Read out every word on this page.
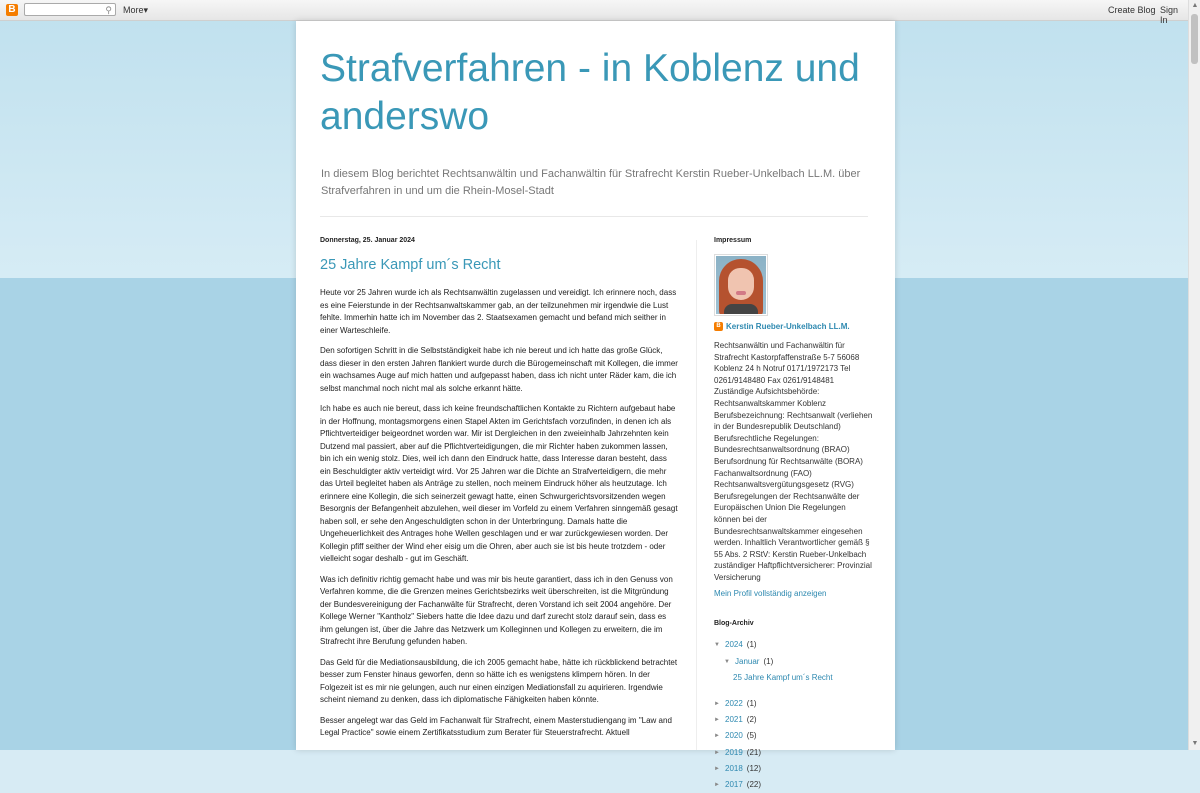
B	⚲ More▾	Create Blog Sign In
▲
▼
Strafverfahren - in Koblenz und anderswo

In diesem Blog berichtet Rechtsanwältin und Fachanwältin für Strafrecht Kerstin Rueber-Unkelbach LL.M. über Strafverfahren in und um die Rhein-Mosel-Stadt

Donnerstag, 25. Januar 2024
25 Jahre Kampf um´s Recht

Heute vor 25 Jahren wurde ich als Rechtsanwältin zugelassen und vereidigt. Ich erinnere noch, dass es eine Feierstunde in der Rechtsanwaltskammer gab, an der teilzunehmen mir irgendwie die Lust fehlte. Immerhin hatte ich im November das 2. Staatsexamen gemacht und befand mich seither in einer Warteschleife.

Den sofortigen Schritt in die Selbstständigkeit habe ich nie bereut und ich hatte das große Glück, dass dieser in den ersten Jahren flankiert wurde durch die Bürogemeinschaft mit Kollegen, die immer ein wachsames Auge auf mich hatten und aufgepasst haben, dass ich nicht unter Räder kam, die ich selbst manchmal noch nicht mal als solche erkannt hätte.

Ich habe es auch nie bereut, dass ich keine freundschaftlichen Kontakte zu Richtern aufgebaut habe in der Hoffnung, montagsmorgens einen Stapel Akten im Gerichtsfach vorzufinden, in denen ich als Pflichtverteidiger beigeordnet worden war. Mir ist Dergleichen in den zweieinhalb Jahrzehnten kein Dutzend mal passiert, aber auf die Pflichtverteidigungen, die mir Richter haben zukommen lassen, bin ich ein wenig stolz. Dies, weil ich dann den Eindruck hatte, dass Interesse daran besteht, dass ein Beschuldigter aktiv verteidigt wird. Vor 25 Jahren war die Dichte an Strafverteidigern, die mehr das Urteil begleitet haben als Anträge zu stellen, noch meinem Eindruck höher als heutzutage. Ich erinnere eine Kollegin, die sich seinerzeit gewagt hatte, einen Schwurgerichtsvorsitzenden wegen Besorgnis der Befangenheit abzulehen, weil dieser im Vorfeld zu einem Verfahren sinngemäß gesagt haben soll, er sehe den Angeschuldigten schon in der Unterbringung. Damals hatte die Ungeheuerlichkeit des Antrages hohe Wellen geschlagen und er war zurückgewiesen worden. Der Kollegin pfiff seither der Wind eher eisig um die Ohren, aber auch sie ist bis heute trotzdem - oder vielleicht sogar deshalb - gut im Geschäft.

Was ich definitiv richtig gemacht habe und was mir bis heute garantiert, dass ich in den Genuss von Verfahren komme, die die Grenzen meines Gerichtsbezirks weit überschreiten, ist die Mitgründung der Bundesvereinigung der Fachanwälte für Strafrecht, deren Vorstand ich seit 2004 angehöre. Der Kollege Werner "Kantholz" Siebers hatte die Idee dazu und darf zurecht stolz darauf sein, dass es ihm gelungen ist, über die Jahre das Netzwerk um Kolleginnen und Kollegen zu erweitern, die im Strafrecht ihre Berufung gefunden haben.

Das Geld für die Mediationsausbildung, die ich 2005 gemacht habe, hätte ich rückblickend betrachtet besser zum Fenster hinaus geworfen, denn so hätte ich es wenigstens klimpern hören. In der Folgezeit ist es mir nie gelungen, auch nur einen einzigen Mediationsfall zu aquirieren. Irgendwie scheint niemand zu denken, dass ich diplomatische Fähigkeiten haben könnte.

Besser angelegt war das Geld im Fachanwalt für Strafrecht, einem Masterstudiengang im "Law and Legal Practice" sowie einem Zertifikatsstudium zum Berater für Steuerstrafrecht. Aktuell

Impressum
B Kerstin Rueber-Unkelbach LL.M.
Rechtsanwältin und Fachanwältin für Strafrecht Kastorpfaffenstraße 5-7 56068 Koblenz 24 h Notruf 0171/1972173 Tel 0261/9148480 Fax 0261/9148481 Zuständige Aufsichtsbehörde: Rechtsanwaltskammer Koblenz Berufsbezeichnung: Rechtsanwalt (verliehen in der Bundesrepublik Deutschland) Berufsrechtliche Regelungen: Bundesrechtsanwaltsordnung (BRAO) Berufsordnung für Rechtsanwälte (BORA) Fachanwaltsordnung (FAO) Rechtsanwaltsvergütungsgesetz (RVG) Berufsregelungen der Rechtsanwälte der Europäischen Union Die Regelungen können bei der Bundesrechtsanwaltskammer eingesehen werden. Inhaltlich Verantwortlicher gemäß § 55 Abs. 2 RStV: Kerstin Rueber-Unkelbach zuständiger Haftpflichtversicherer: Provinzial Versicherung
Mein Profil vollständig anzeigen
Blog-Archiv
▼ 2024 (1)
▼ Januar (1)
25 Jahre Kampf um´s Recht
► 2022 (1)
► 2021 (2)
► 2020 (5)
► 2019 (21)
► 2018 (12)
► 2017 (22)
